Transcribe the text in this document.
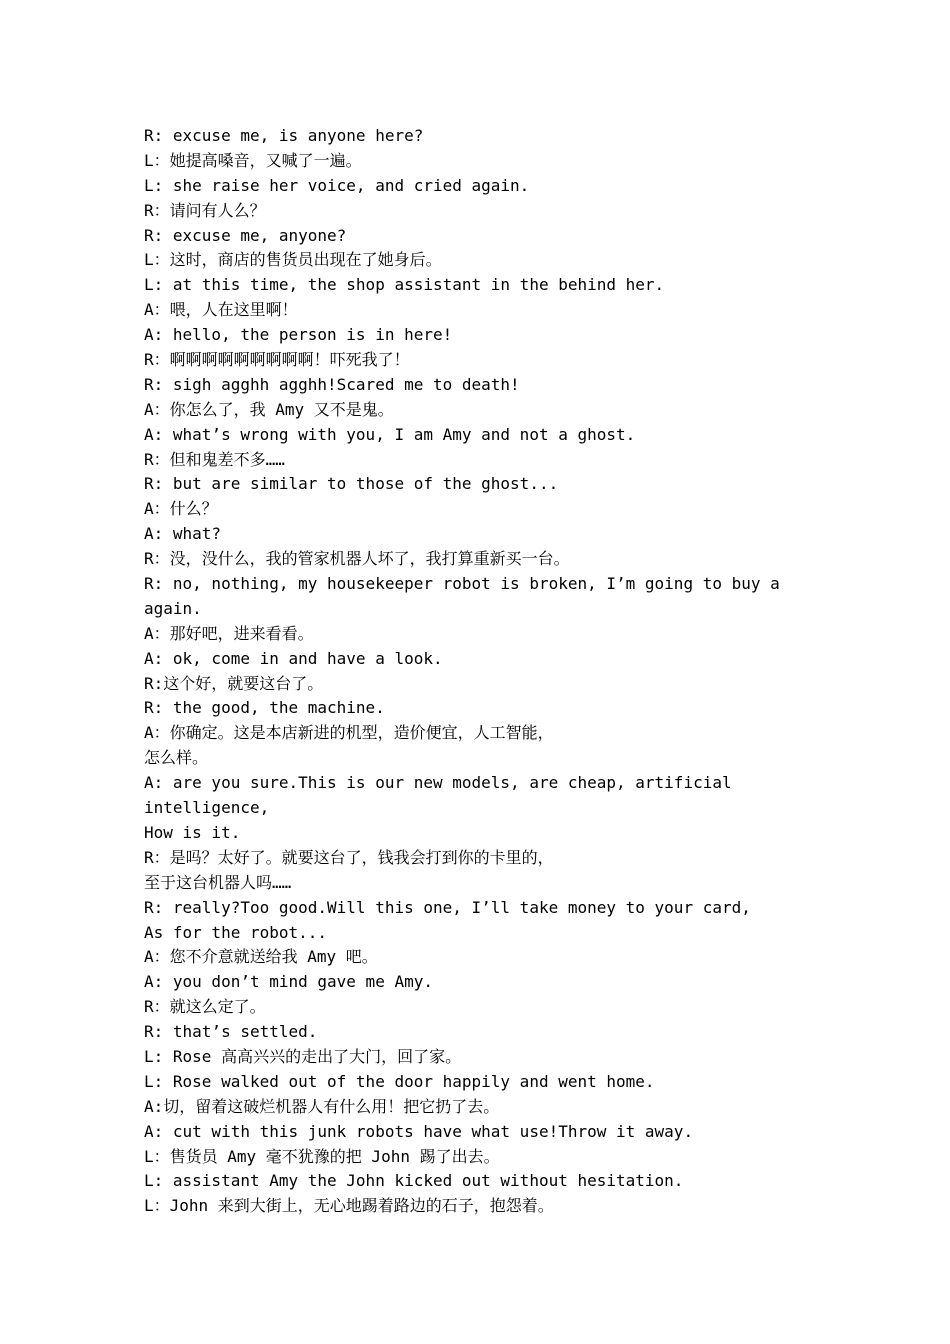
R: excuse me, is anyone here?
L：她提高嗓音，又喊了一遍。
L: she raise her voice, and cried again.
R：请问有人么？
R: excuse me, anyone?
L：这时，商店的售货员出现在了她身后。
L: at this time, the shop assistant in the behind her.
A：喂，人在这里啊！
A: hello, the person is in here!
R：啊啊啊啊啊啊啊啊啊！吓死我了！
R: sigh agghh agghh!Scared me to death!
A：你怎么了，我 Amy 又不是鬼。
A: what’s wrong with you, I am Amy and not a ghost.
R：但和鬼差不多……
R: but are similar to those of the ghost...
A：什么？
A: what?
R：没，没什么，我的管家机器人坏了，我打算重新买一台。
R: no, nothing, my housekeeper robot is broken, I’m going to buy a
again.
A：那好吧，进来看看。
A: ok, come in and have a look.
R:这个好，就要这台了。
R: the good, the machine.
A：你确定。这是本店新进的机型，造价便宜，人工智能，
怎么样。
A: are you sure.This is our new models, are cheap, artificial
intelligence,
How is it.
R：是吗？太好了。就要这台了，钱我会打到你的卡里的，
至于这台机器人吗……
R: really?Too good.Will this one, I’ll take money to your card,
As for the robot...
A：您不介意就送给我 Amy 吧。
A: you don’t mind gave me Amy.
R：就这么定了。
R: that’s settled.
L: Rose 高高兴兴的走出了大门，回了家。
L: Rose walked out of the door happily and went home.
A:切，留着这破烂机器人有什么用！把它扔了去。
A: cut with this junk robots have what use!Throw it away.
L：售货员 Amy 毫不犹豫的把 John 踢了出去。
L: assistant Amy the John kicked out without hesitation.
L：John 来到大街上，无心地踢着路边的石子，抱怨着。
